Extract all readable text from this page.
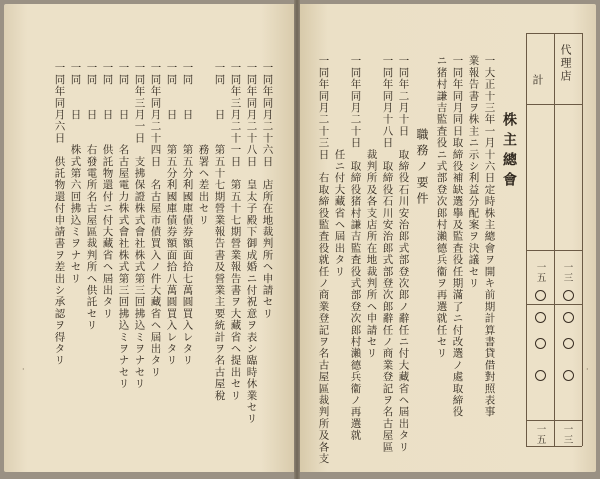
代理店
計
一三
一五
一三
一五
株主總會
一大正十三年一月十六日定時株主總會ヲ開キ前期計算書貸借對照表事
業報告書ヲ株主ニ示シ利益分配案ヲ決議セリ
一同年同月同日取締役補缺選擧及監査役任期滿了ニ付改選ノ處取締役
ニ猪村謙吉監査役ニ式部登次郎村瀨德兵衞ヲ再選就任セリ
職務ノ要件
一同年二月十日　取締役石川安治郎式部登次郎ノ辭任ニ付大藏省ヘ屆出タリ
一同年同月十八日　取締役石川安治郎式部登次郎辭任ノ商業登記ヲ名古屋區
　　　　　　　　裁判所及各支店所在地裁判所ヘ申請セリ
一同年同月二十日　取締役猪村謙吉監査役式部登次郎村瀨德兵衞ノ再選就
　　　　　　　　任ニ付大藏省ヘ屆出タリ
一同年同月二十三日　右取締役監査役就任ノ商業登記ヲ名古屋區裁判所及各支
一同年同月二十六日　店所在地裁判所ヘ申請セリ
一同年同月二十八日　皇太子殿下御成婚ニ付祝意ヲ表シ臨時休業セリ
一同年三月二十一日　第五十七期營業報告書ヲ大藏省ヘ提出セリ
一同　　日　　第五十七期營業報告書及營業主要統計ヲ名古屋稅
　　　　　　　務署ヘ差出セリ
一同　　日　　第五分利國庫債券額面拾七萬圓買入レタリ
一同　　日　　第五分利國庫債券額面拾八萬圓買入レタリ
一同年同月二十四日　名古屋市債買入ノ件大藏省ヘ屆出タリ
一同年三月一日　支拂保證株式會社株式第三回拂込ミヲナセリ
一同　　日　　名古屋電力株式會社株式第三回拂込ミヲナセリ
一同　　日　　供託物還付ニ付大藏省ヘ屆出タリ
一同　　日　　右發電所名古屋區裁判所ヘ供託セリ
一同　　日　　株式第六回拂込ミヲナセリ
一同年同月六日　供託物還付申請書ヲ差出シ承認ヲ得タリ
·	·
